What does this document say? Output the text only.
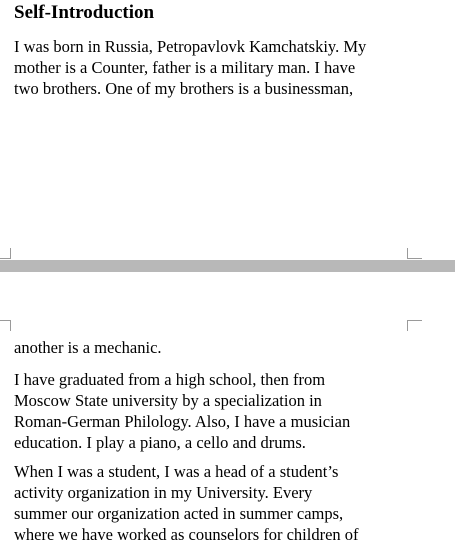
Self-Introduction

I was born in Russia, Petropavlovk Kamchatskiy. My
mother is a Counter, father is a military man. I have
two brothers. One of my brothers is a businessman,

another is a mechanic.

I have graduated from a high school, then from
Moscow State university by a specialization in
Roman-German Philology. Also, I have a musician
education. I play a piano, a cello and drums.

When I was a student, I was a head of a student’s
activity organization in my University. Every
summer our organization acted in summer camps,
where we have worked as counselors for children of
